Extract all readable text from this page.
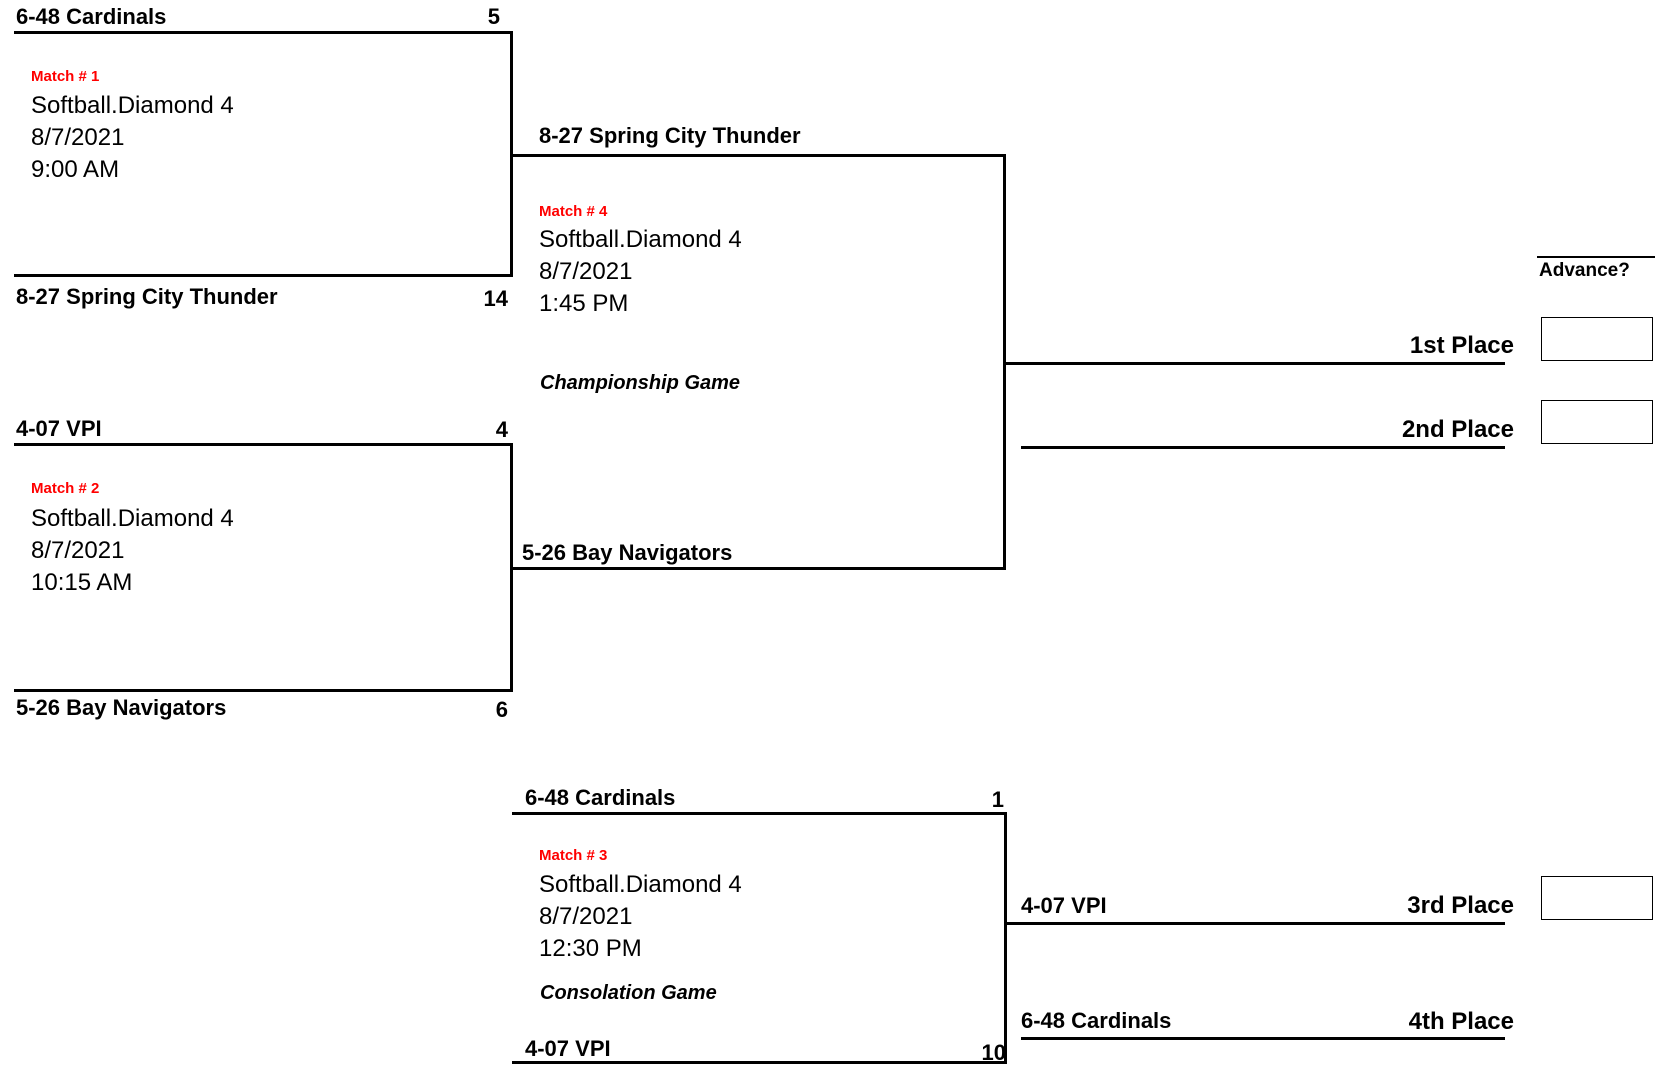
6-48 Cardinals	5
Match # 1
Softball.Diamond 4
8/7/2021
9:00 AM
8-27 Spring City Thunder	14
4-07 VPI	4
Match # 2
Softball.Diamond 4
8/7/2021
10:15 AM
5-26 Bay Navigators	6
8-27 Spring City Thunder
Match # 4
Softball.Diamond 4
8/7/2021
1:45 PM
Championship Game
5-26 Bay Navigators
1st Place
2nd Place
Advance?
6-48 Cardinals	1
Match # 3
Softball.Diamond 4
8/7/2021
12:30 PM
Consolation Game
4-07 VPI	10
4-07 VPI	3rd Place
6-48 Cardinals	4th Place
